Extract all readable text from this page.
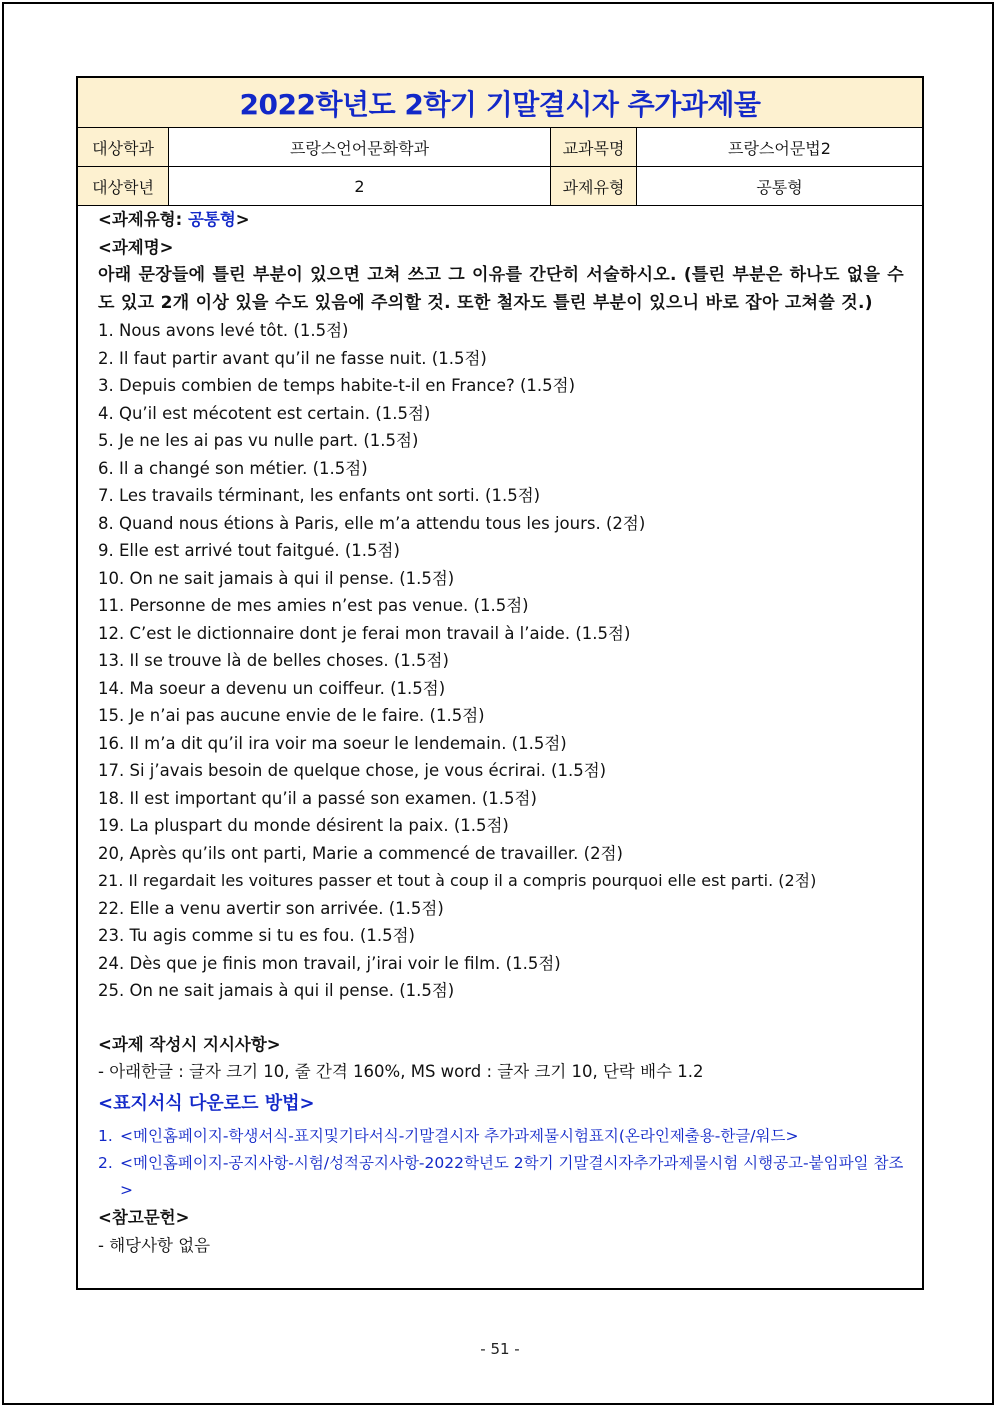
2022학년도 2학기 기말결시자 추가과제물
대상학과	프랑스언어문화학과	교과목명	프랑스어문법2
대상학년	2	과제유형	공통형
<과제유형: 공통형>
<과제명>
아래 문장들에 틀린 부분이 있으면 고쳐 쓰고 그 이유를 간단히 서술하시오. (틀린 부분은 하나도 없을 수도 있고 2개 이상 있을 수도 있음에 주의할 것. 또한 철자도 틀린 부분이 있으니 바로 잡아 고쳐쓸 것.)
1. Nous avons levé tôt. (1.5점)
2. Il faut partir avant qu’il ne fasse nuit. (1.5점)
3. Depuis combien de temps habite-t-il en France? (1.5점)
4. Qu’il est mécotent est certain. (1.5점)
5. Je ne les ai pas vu nulle part. (1.5점)
6. Il a changé son métier. (1.5점)
7. Les travails términant, les enfants ont sorti. (1.5점)
8. Quand nous étions à Paris, elle m’a attendu tous les jours. (2점)
9. Elle est arrivé tout faitgué. (1.5점)
10. On ne sait jamais à qui il pense. (1.5점)
11. Personne de mes amies n’est pas venue. (1.5점)
12. C’est le dictionnaire dont je ferai mon travail à l’aide. (1.5점)
13. Il se trouve là de belles choses. (1.5점)
14. Ma soeur a devenu un coiffeur. (1.5점)
15. Je n’ai pas aucune envie de le faire. (1.5점)
16. Il m’a dit qu’il ira voir ma soeur le lendemain. (1.5점)
17. Si j’avais besoin de quelque chose, je vous écrirai. (1.5점)
18. Il est important qu’il a passé son examen. (1.5점)
19. La pluspart du monde désirent la paix. (1.5점)
20, Après qu’ils ont parti, Marie a commencé de travailler. (2점)
21. Il regardait les voitures passer et tout à coup il a compris pourquoi elle est parti. (2점)
22. Elle a venu avertir son arrivée. (1.5점)
23. Tu agis comme si tu es fou. (1.5점)
24. Dès que je finis mon travail, j’irai voir le film. (1.5점)
25. On ne sait jamais à qui il pense. (1.5점)
<과제 작성시 지시사항>
- 아래한글 : 글자 크기 10, 줄 간격 160%, MS word : 글자 크기 10, 단락 배수 1.2
<표지서식 다운로드 방법>
1. <메인홈페이지-학생서식-표지및기타서식-기말결시자 추가과제물시험표지(온라인제출용-한글/워드>
2. <메인홈페이지-공지사항-시험/성적공지사항-2022학년도 2학기 기말결시자추가과제물시험 시행공고-붙임파일 참조>
<참고문헌>
- 해당사항 없음
- 51 -
